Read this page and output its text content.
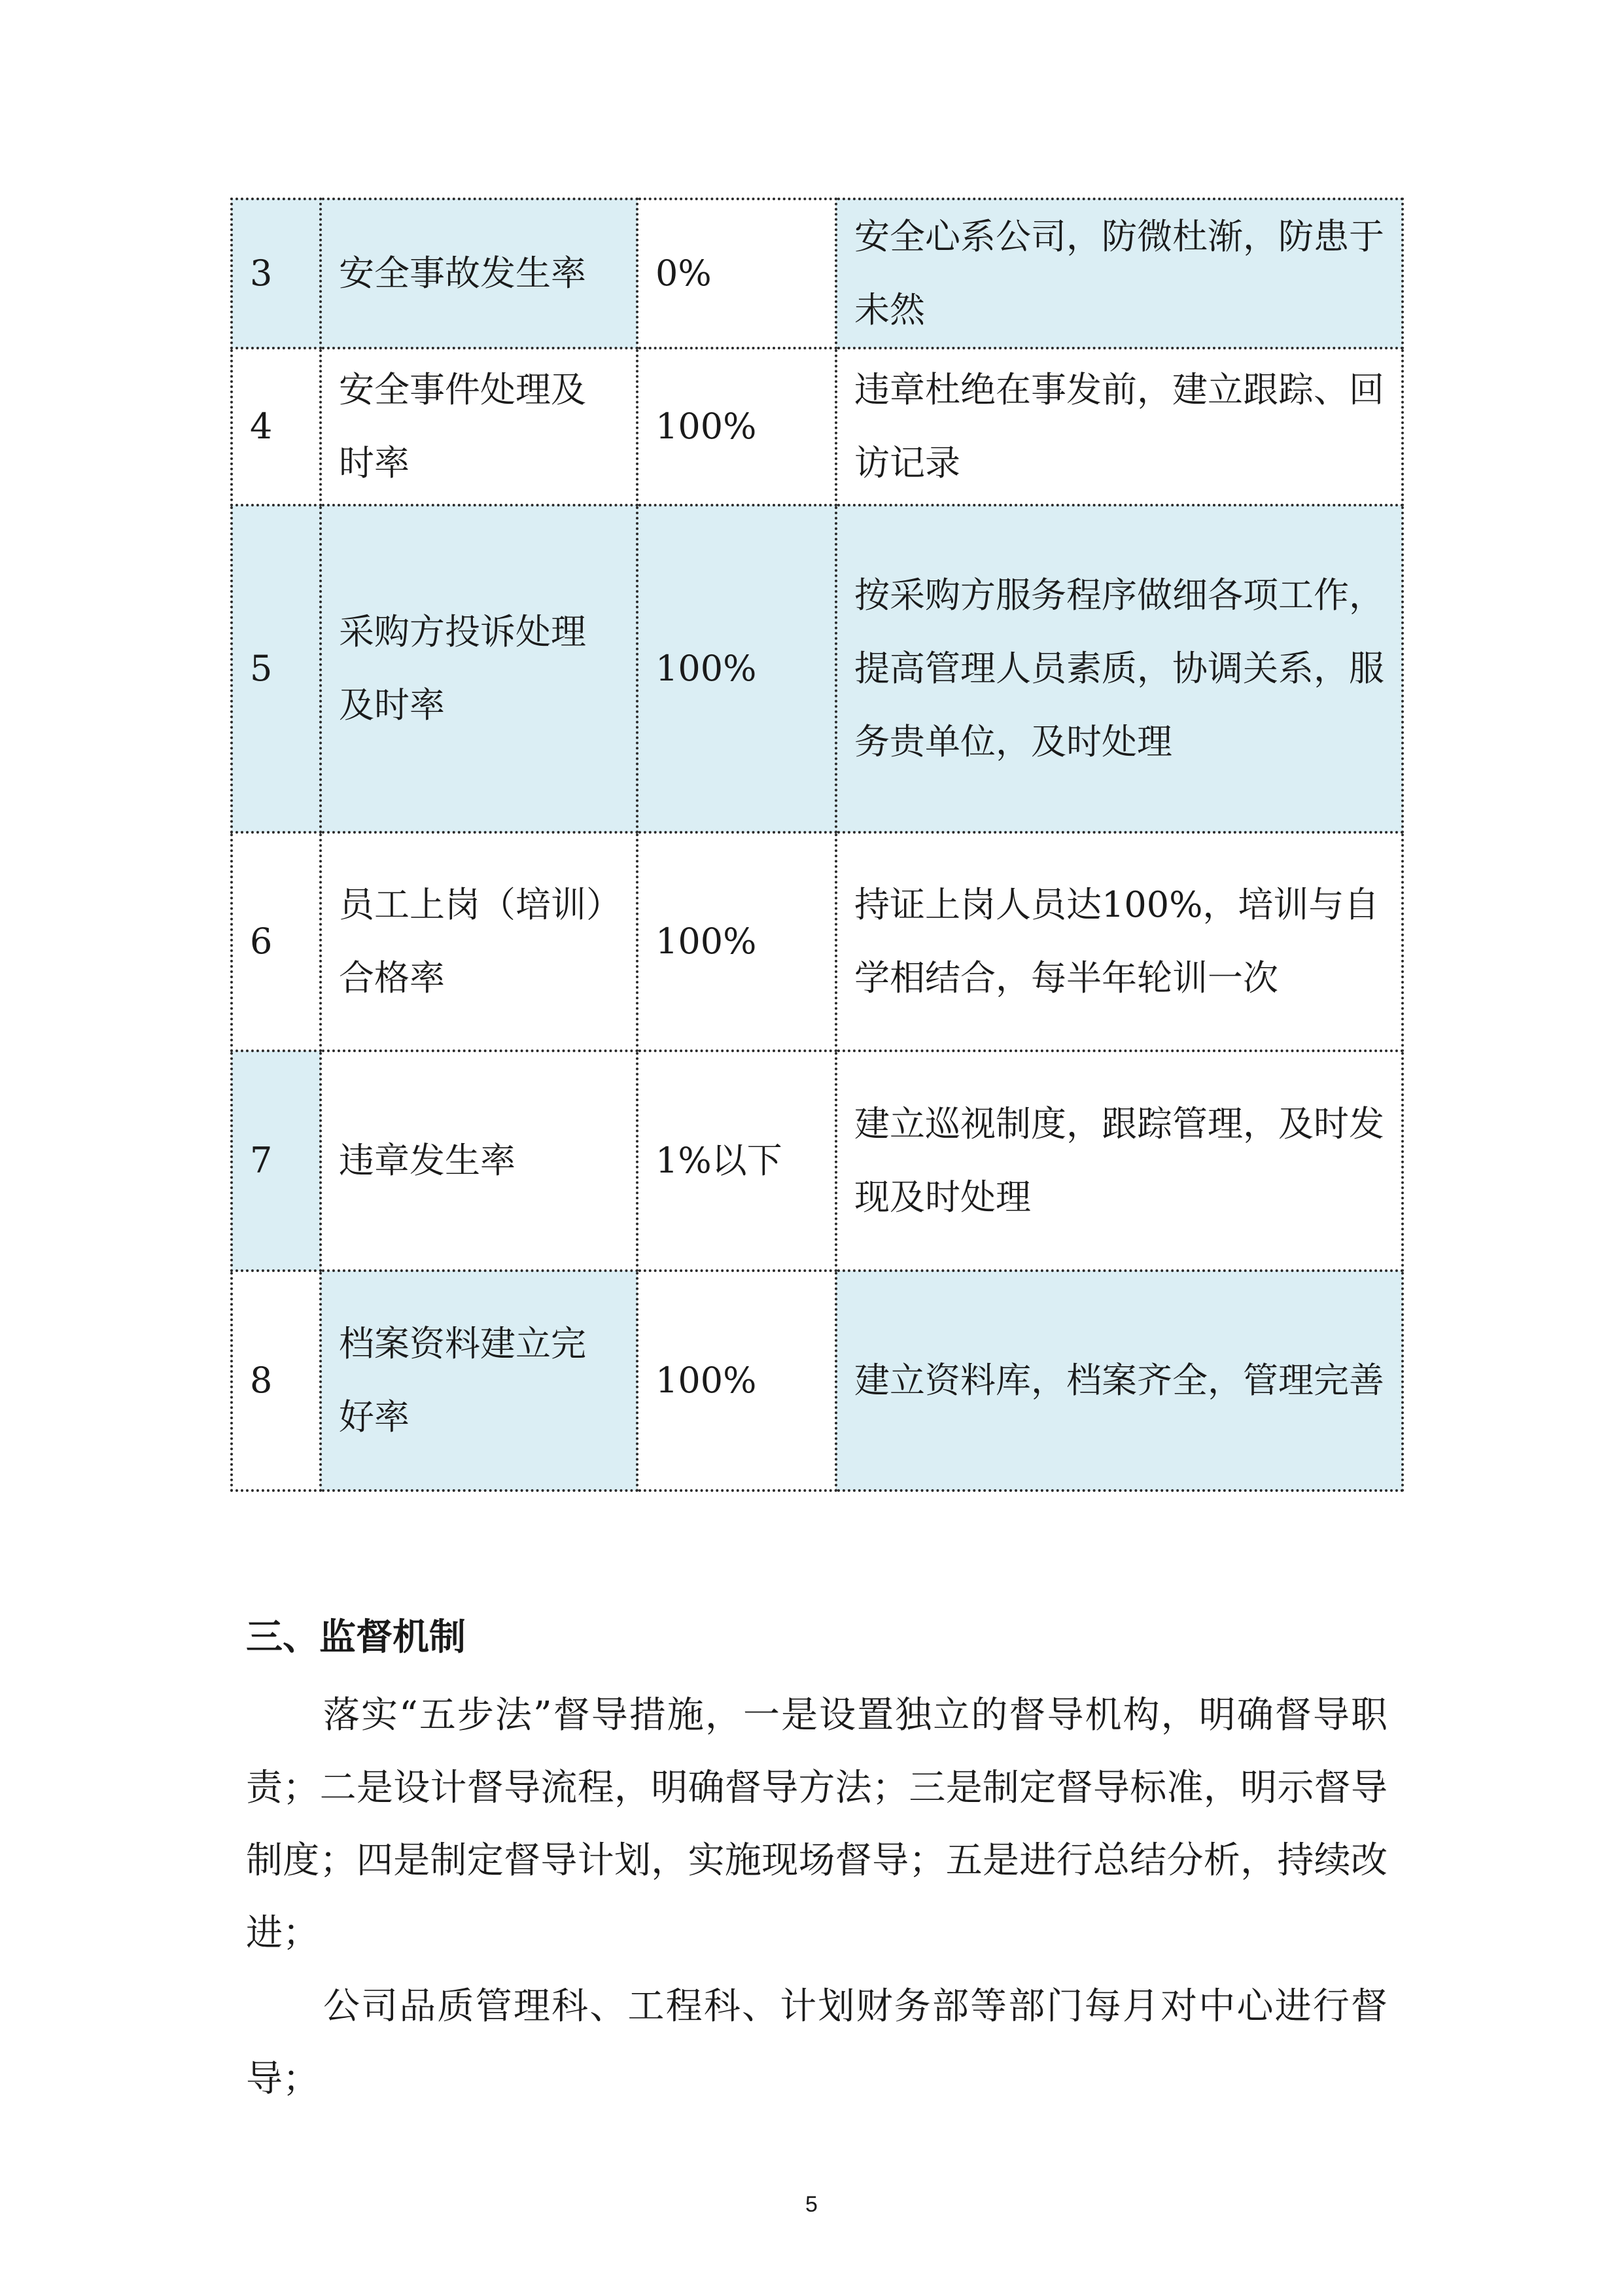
3	安全事故发生率	0%	安全心系公司，防微杜渐，防患于未然
4	安全事件处理及时率	100%	违章杜绝在事发前，建立跟踪、回访记录
5	采购方投诉处理及时率	100%	按采购方服务程序做细各项工作，提高管理人员素质，协调关系，服务贵单位，及时处理
6	员工上岗（培训）合格率	100%	持证上岗人员达100%，培训与自学相结合，每半年轮训一次
7	违章发生率	1%以下	建立巡视制度，跟踪管理，及时发现及时处理
8	档案资料建立完好率	100%	建立资料库，档案齐全，管理完善
三、监督机制

落实“五步法”督导措施，一是设置独立的督导机构，明确督导职责；二是设计督导流程，明确督导方法；三是制定督导标准，明示督导制度；四是制定督导计划，实施现场督导；五是进行总结分析，持续改进；

公司品质管理科、工程科、计划财务部等部门每月对中心进行督导；

5
